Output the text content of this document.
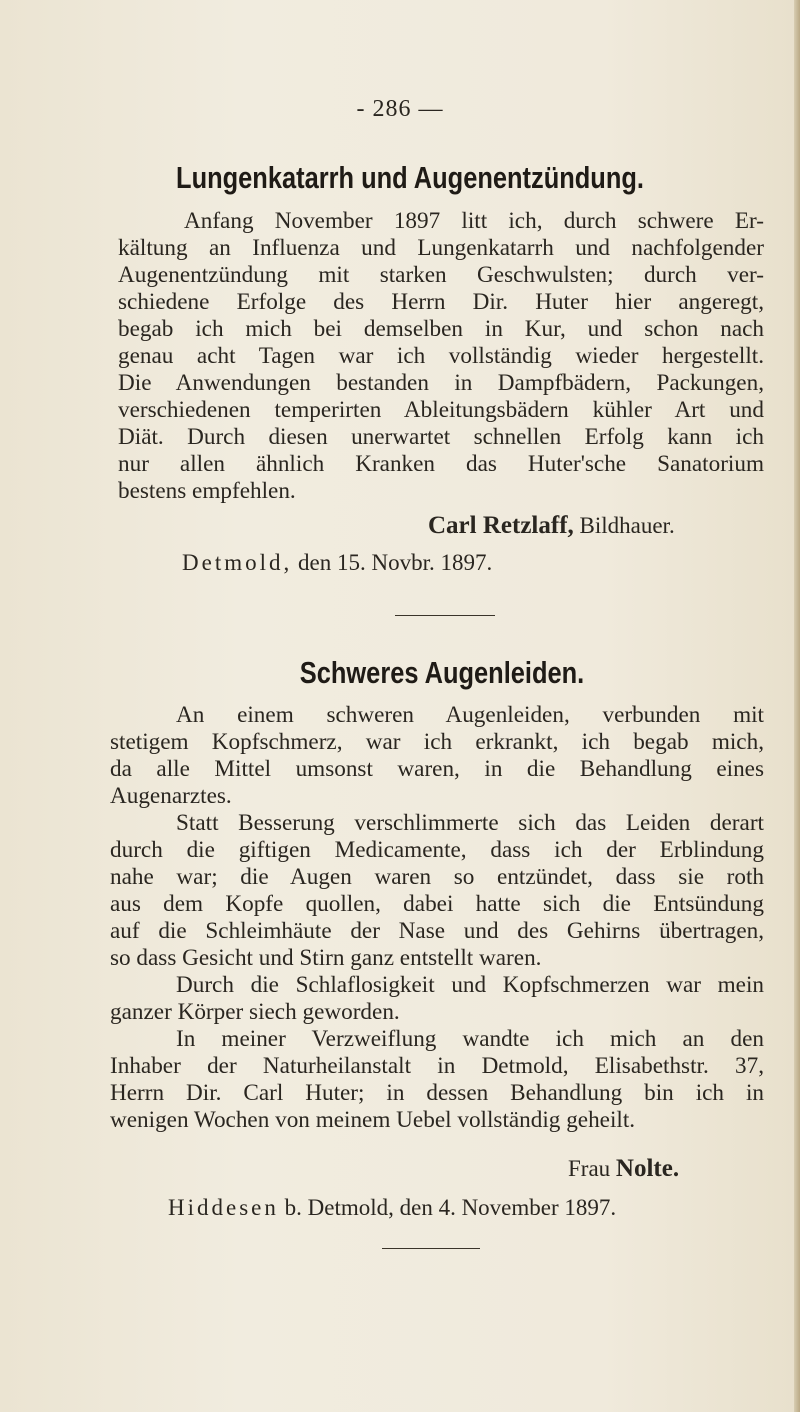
- 286 —
Lungenkatarrh und Augenentzündung.
Anfang November 1897 litt ich, durch schwere Er-
kältung an Influenza und Lungenkatarrh und nachfolgender
Augenentzündung mit starken Geschwulsten; durch ver-
schiedene Erfolge des Herrn Dir. Huter hier angeregt,
begab ich mich bei demselben in Kur, und schon nach
genau acht Tagen war ich vollständig wieder hergestellt.
Die Anwendungen bestanden in Dampfbädern, Packungen,
verschiedenen temperirten Ableitungsbädern kühler Art und
Diät. Durch diesen unerwartet schnellen Erfolg kann ich
nur allen ähnlich Kranken das Huter'sche Sanatorium
bestens empfehlen.
Carl Retzlaff, Bildhauer.
Detmold, den 15. Novbr. 1897.
Schweres Augenleiden.
An einem schweren Augenleiden, verbunden mit
stetigem Kopfschmerz, war ich erkrankt, ich begab mich,
da alle Mittel umsonst waren, in die Behandlung eines
Augenarztes.
Statt Besserung verschlimmerte sich das Leiden derart
durch die giftigen Medicamente, dass ich der Erblindung
nahe war; die Augen waren so entzündet, dass sie roth
aus dem Kopfe quollen, dabei hatte sich die Entsündung
auf die Schleimhäute der Nase und des Gehirns übertragen,
so dass Gesicht und Stirn ganz entstellt waren.
Durch die Schlaflosigkeit und Kopfschmerzen war mein
ganzer Körper siech geworden.
In meiner Verzweiflung wandte ich mich an den
Inhaber der Naturheilanstalt in Detmold, Elisabethstr. 37,
Herrn Dir. Carl Huter; in dessen Behandlung bin ich in
wenigen Wochen von meinem Uebel vollständig geheilt.
Frau Nolte.
Hiddesen b. Detmold, den 4. November 1897.
